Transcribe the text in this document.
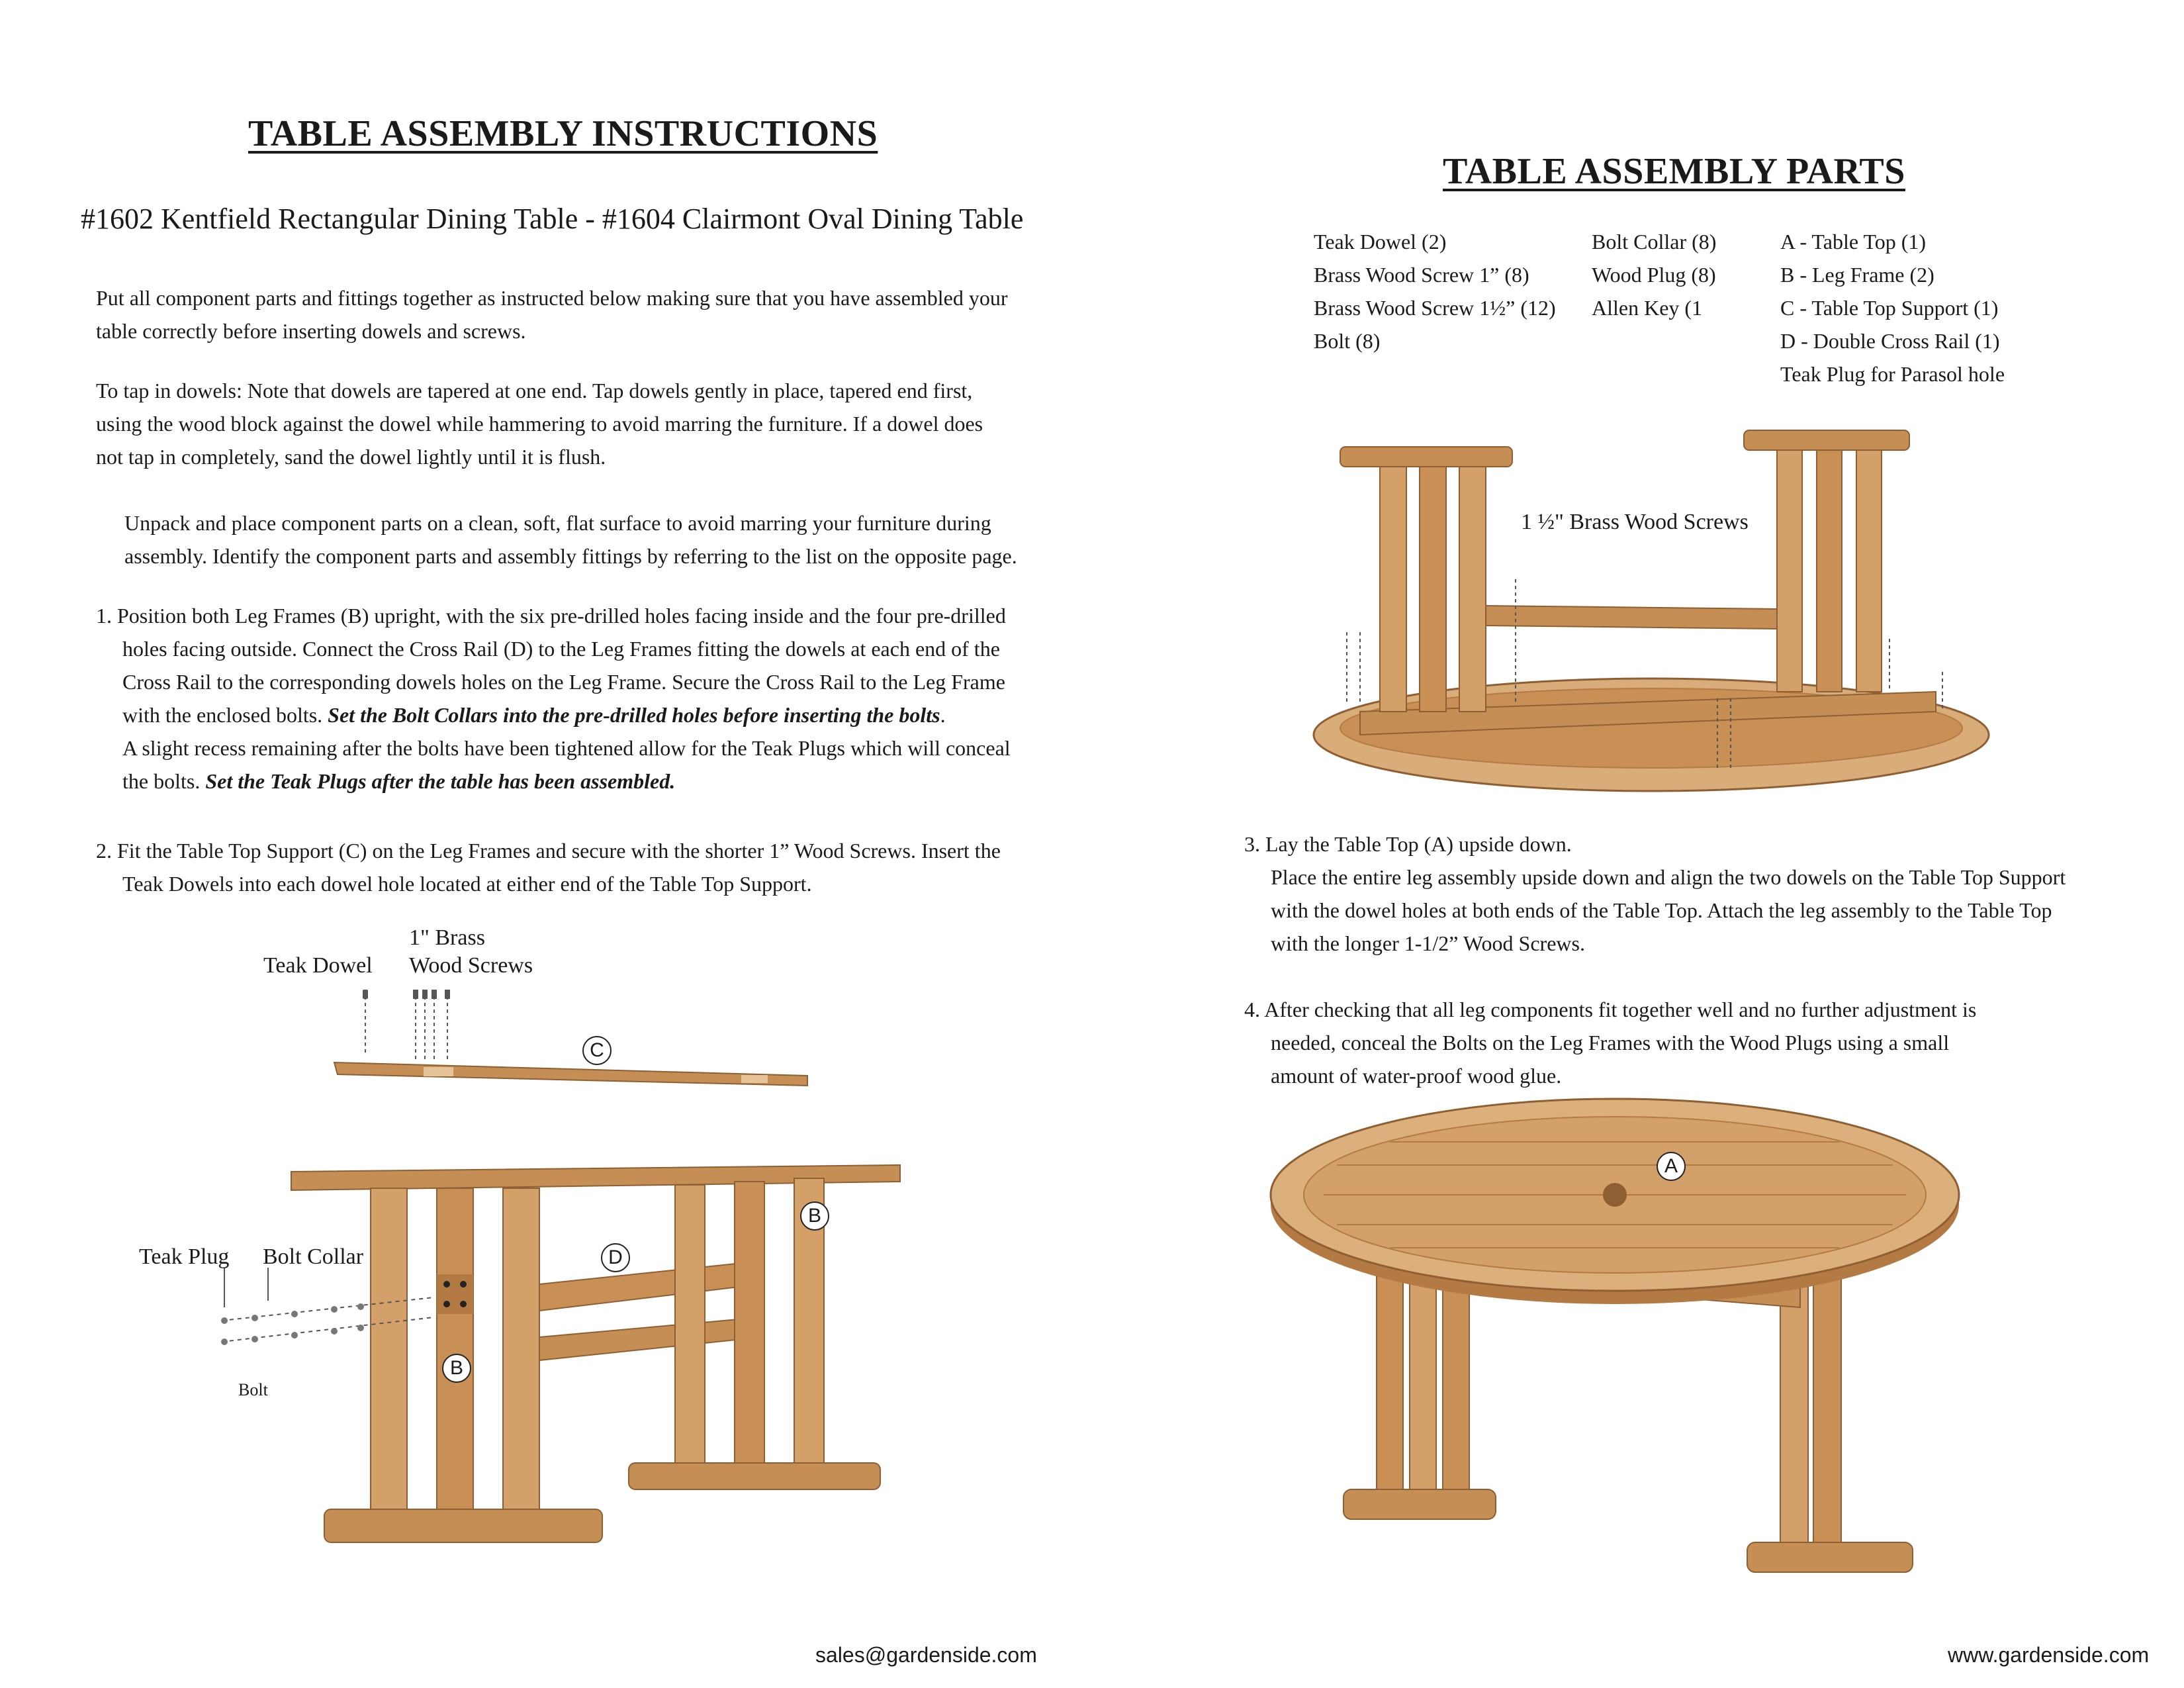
TABLE ASSEMBLY INSTRUCTIONS
#1602 Kentfield Rectangular Dining Table - #1604 Clairmont Oval Dining Table

Put all component parts and fittings together as instructed below making sure that you have assembled your

table correctly before inserting dowels and screws.

To tap in dowels: Note that dowels are tapered at one end. Tap dowels gently in place, tapered end first,

using the wood block against the dowel while hammering to avoid marring the furniture. If a dowel does

not tap in completely, sand the dowel lightly until it is flush.

Unpack and place component parts on a clean, soft, flat surface to avoid marring your furniture during

assembly. Identify the component parts and assembly fittings by referring to the list on the opposite page.

1. Position both Leg Frames (B) upright, with the six pre-drilled holes facing inside and the four pre-drilled

holes facing outside. Connect the Cross Rail (D) to the Leg Frames fitting the dowels at each end of the

Cross Rail to the corresponding dowels holes on the Leg Frame. Secure the Cross Rail to the Leg Frame

with the enclosed bolts. Set the Bolt Collars into the pre-drilled holes before inserting the bolts.

A slight recess remaining after the bolts have been tightened allow for the Teak Plugs which will conceal

the bolts. Set the Teak Plugs after the table has been assembled.

2. Fit the Table Top Support (C) on the Leg Frames and secure with the shorter 1” Wood Screws. Insert the

Teak Dowels into each dowel hole located at either end of the Table Top Support.

Teak Dowel
1" Brass
Wood Screws
C
Teak Plug Bolt Collar
Bolt
B
D
B
sales@gardenside.com
TABLE ASSEMBLY PARTS
Teak Dowel (2)
Brass Wood Screw 1” (8)
Brass Wood Screw 1½” (12)
Bolt (8)
Bolt Collar (8)
Wood Plug (8)
Allen Key (1
A - Table Top (1)
B - Leg Frame (2)
C - Table Top Support (1)
D - Double Cross Rail (1)
Teak Plug for Parasol hole
1 ½" Brass Wood Screws

3. Lay the Table Top (A) upside down.

Place the entire leg assembly upside down and align the two dowels on the Table Top Support

with the dowel holes at both ends of the Table Top. Attach the leg assembly to the Table Top

with the longer 1-1/2” Wood Screws.

4. After checking that all leg components fit together well and no further adjustment is

needed, conceal the Bolts on the Leg Frames with the Wood Plugs using a small

amount of water-proof wood glue.

A
www.gardenside.com
